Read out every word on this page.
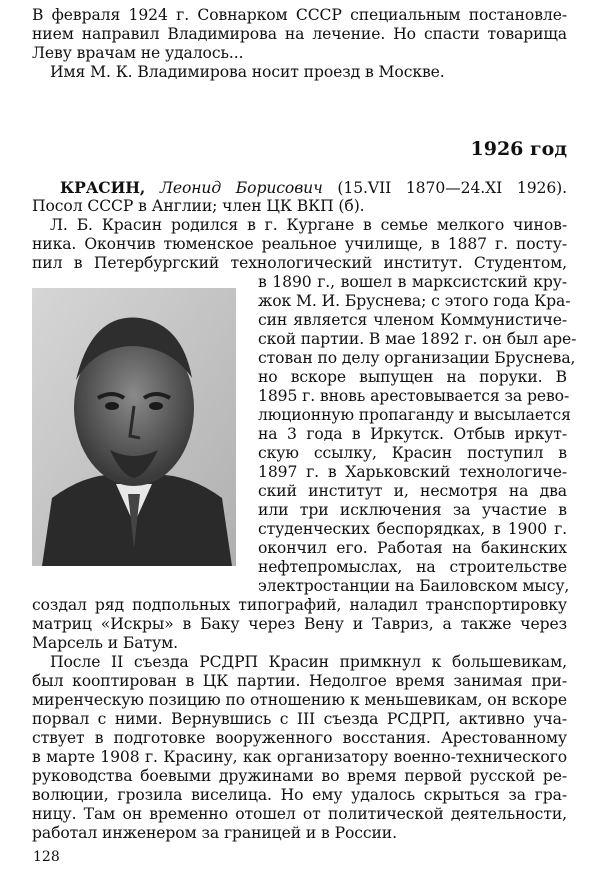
В февраля 1924 г. Совнарком СССР специальным постановле-
нием направил Владимирова на лечение. Но спасти товарища
Леву врачам не удалось...
Имя М. К. Владимирова носит проезд в Москве.
1926 год
КРАСИН, Леонид Борисович (15.VII 1870—24.XI 1926).
Посол СССР в Англии; член ЦК ВКП (б).
Л. Б. Красин родился в г. Кургане в семье мелкого чинов-
ника. Окончив тюменское реальное училище, в 1887 г. посту-
пил в Петербургский технологический институт. Студентом,
в 1890 г., вошел в марксистский кру-
жок М. И. Бруснева; с этого года Кра-
син является членом Коммунистиче-
ской партии. В мае 1892 г. он был аре-
стован по делу организации Бруснева,
но вскоре выпущен на поруки. В
1895 г. вновь арестовывается за рево-
люционную пропаганду и высылается
на 3 года в Иркутск. Отбыв иркут-
скую ссылку, Красин поступил в
1897 г. в Харьковский технологиче-
ский институт и, несмотря на два
или три исключения за участие в
студенческих беспорядках, в 1900 г.
окончил его. Работая на бакинских
нефтепромыслах, на строительстве
электростанции на Баиловском мысу,
создал ряд подпольных типографий, наладил транспортировку
матриц «Искры» в Баку через Вену и Тавриз, а также через
Марсель и Батум.
После II съезда РСДРП Красин примкнул к большевикам,
был кооптирован в ЦК партии. Недолгое время занимая при-
миренческую позицию по отношению к меньшевикам, он вскоре
порвал с ними. Вернувшись с III съезда РСДРП, активно уча-
ствует в подготовке вооруженного восстания. Арестованному
в марте 1908 г. Красину, как организатору военно-технического
руководства боевыми дружинами во время первой русской ре-
волюции, грозила виселица. Но ему удалось скрыться за гра-
ницу. Там он временно отошел от политической деятельности,
работал инженером за границей и в России.
128
